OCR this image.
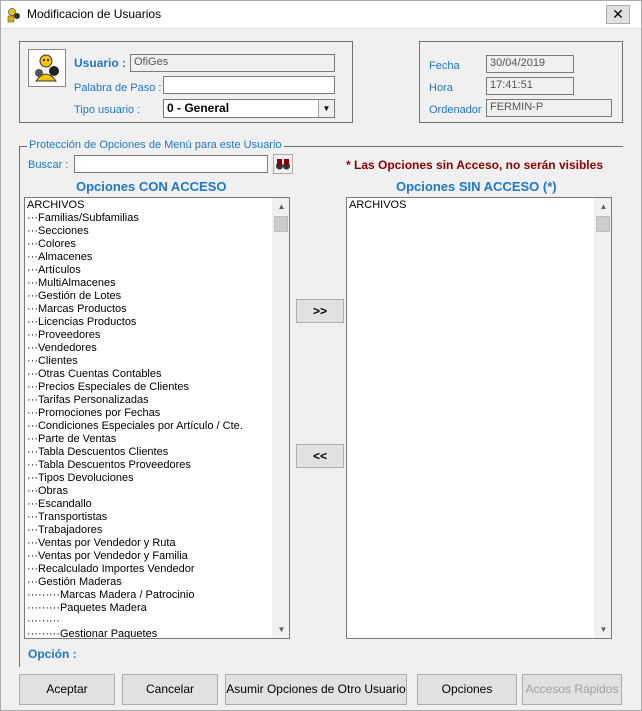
Modificacion de Usuarios	✕
Usuario : OfiGes
Palabra de Paso :
Tipo usuario :	0 - General	▼
Fecha	30/04/2019
Hora	17:41:51
Ordenador FERMIN-P
Protección de Opciones de Menú para este Usuario
Buscar :	* Las Opciones sin Acceso, no serán visibles
Opciones CON ACCESO	Opciones SIN ACCESO (*)
ARCHIVOS
···Familias/Subfamilias
···Secciones
···Colores
···Almacenes
···Artículos
···MultiAlmacenes
···Gestión de Lotes
···Marcas Productos
···Licencias Productos
···Proveedores
···Vendedores
···Clientes
···Otras Cuentas Contables
···Precios Especiales de Clientes
···Tarifas Personalizadas
···Promociones por Fechas
···Condiciones Especiales por Artículo / Cte.
···Parte de Ventas
···Tabla Descuentos Clientes
···Tabla Descuentos Proveedores
···Tipos Devoluciones
···Obras
···Escandallo
···Transportistas
···Trabajadores
···Ventas por Vendedor y Ruta
···Ventas por Vendedor y Familia
···Recalculado Importes Vendedor
···Gestión Maderas
·········Marcas Madera / Patrocinio
·········Paquetes Madera
·········
·········Gestionar Paquetes
▲
▼
>>
<<
ARCHIVOS	▲
▼
Opción :
Aceptar	Cancelar	Asumir Opciones de Otro Usuario	Opciones	Accesos Rápidos
